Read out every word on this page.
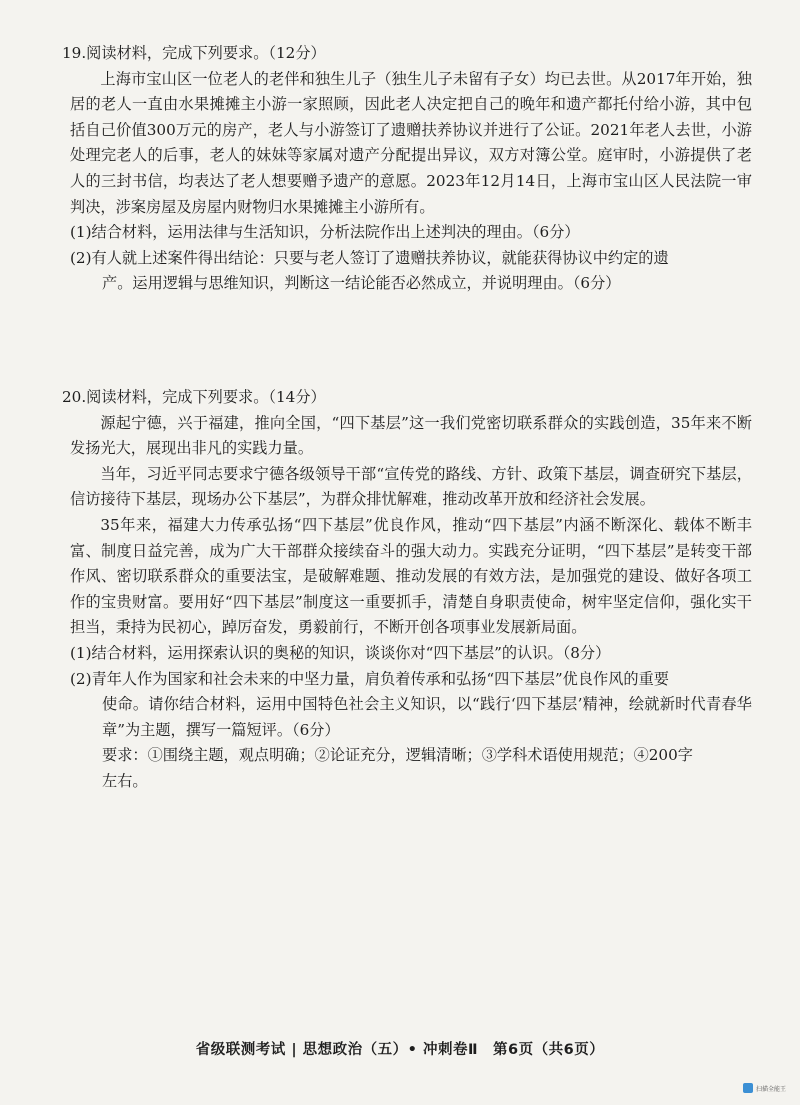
19.阅读材料，完成下列要求。（12分）

上海市宝山区一位老人的老伴和独生儿子（独生儿子未留有子女）均已去世。从2017年开始，独居的老人一直由水果摊摊主小游一家照顾，因此老人决定把自己的晚年和遗产都托付给小游，其中包括自己价值300万元的房产，老人与小游签订了遗赠扶养协议并进行了公证。2021年老人去世，小游处理完老人的后事，老人的妹妹等家属对遗产分配提出异议，双方对簿公堂。庭审时，小游提供了老人的三封书信，均表达了老人想要赠予遗产的意愿。2023年12月14日，上海市宝山区人民法院一审判决，涉案房屋及房屋内财物归水果摊摊主小游所有。

(1)结合材料，运用法律与生活知识，分析法院作出上述判决的理由。（6分）

(2)有人就上述案件得出结论：只要与老人签订了遗赠扶养协议，就能获得协议中约定的遗

产。运用逻辑与思维知识，判断这一结论能否必然成立，并说明理由。（6分）

20.阅读材料，完成下列要求。（14分）

源起宁德，兴于福建，推向全国，“四下基层”这一我们党密切联系群众的实践创造，35年来不断发扬光大，展现出非凡的实践力量。

当年，习近平同志要求宁德各级领导干部“宣传党的路线、方针、政策下基层，调查研究下基层，信访接待下基层，现场办公下基层”，为群众排忧解难，推动改革开放和经济社会发展。

35年来，福建大力传承弘扬“四下基层”优良作风，推动“四下基层”内涵不断深化、载体不断丰富、制度日益完善，成为广大干部群众接续奋斗的强大动力。实践充分证明，“四下基层”是转变干部作风、密切联系群众的重要法宝，是破解难题、推动发展的有效方法，是加强党的建设、做好各项工作的宝贵财富。要用好“四下基层”制度这一重要抓手，清楚自身职责使命，树牢坚定信仰，强化实干担当，秉持为民初心，踔厉奋发，勇毅前行，不断开创各项事业发展新局面。

(1)结合材料，运用探索认识的奥秘的知识，谈谈你对“四下基层”的认识。（8分）

(2)青年人作为国家和社会未来的中坚力量，肩负着传承和弘扬“四下基层”优良作风的重要

使命。请你结合材料，运用中国特色社会主义知识，以“践行‘四下基层’精神，绘就新时代青春华章”为主题，撰写一篇短评。（6分）

要求：①围绕主题，观点明确；②论证充分，逻辑清晰；③学科术语使用规范；④200字

左右。

省级联测考试 | 思想政治（五）• 冲刺卷Ⅱ　第6页（共6页）
扫描全能王
